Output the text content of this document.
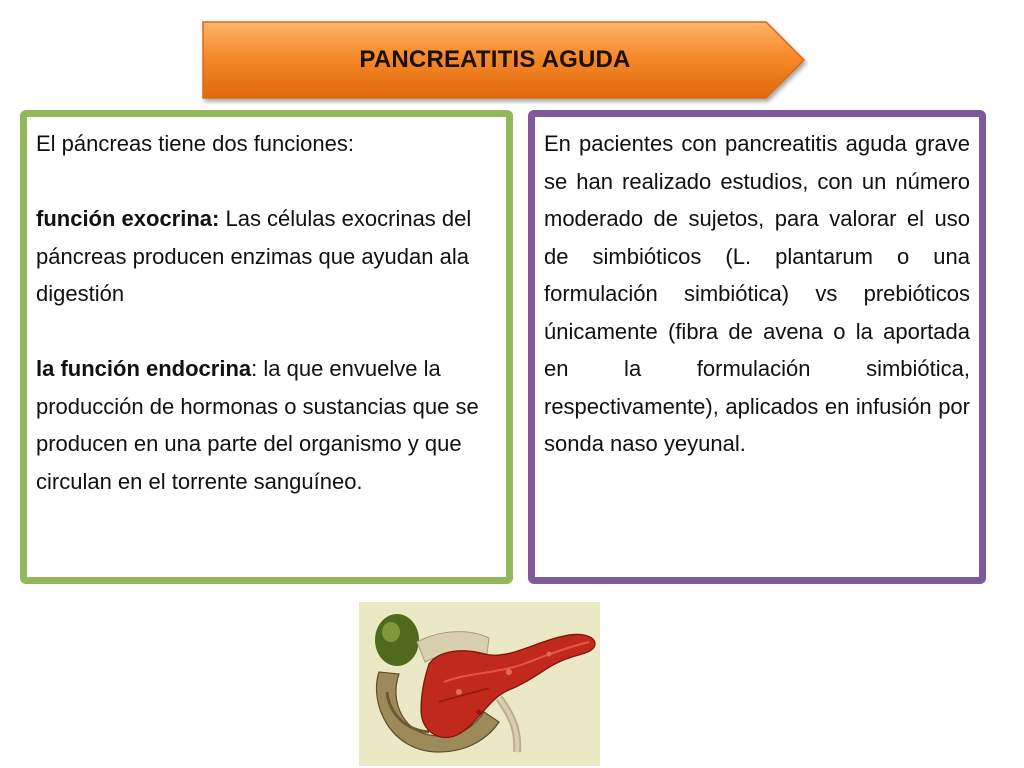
PANCREATITIS AGUDA

El páncreas tiene dos funciones:

función exocrina: Las células exocrinas del páncreas producen enzimas que ayudan ala digestión

la función endocrina: la que envuelve la producción de hormonas o sustancias que se producen en una parte del organismo y que circulan en el torrente sanguíneo.

En pacientes con pancreatitis aguda grave se han realizado estudios, con un número moderado de sujetos, para valorar el uso de simbióticos (L. plantarum o una formulación simbiótica) vs prebióticos únicamente (fibra de avena o la aportada en la formulación simbiótica, respectivamente), aplicados en infusión por sonda naso yeyunal.
